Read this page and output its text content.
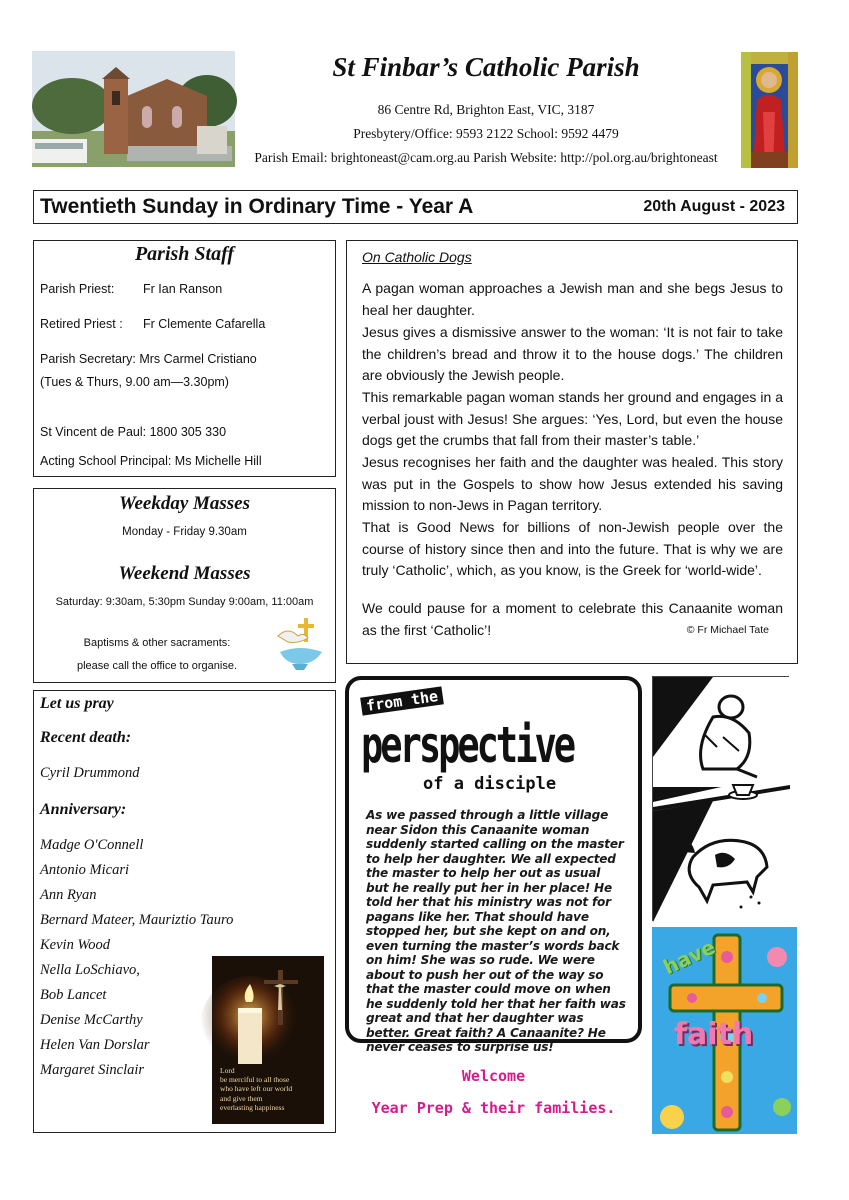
St Finbar’s Catholic Parish
86 Centre Rd, Brighton East, VIC, 3187
Presbytery/Office: 9593 2122 School: 9592 4479
Parish Email: brightoneast@cam.org.au Parish Website: http://pol.org.au/brightoneast
Twentieth Sunday in Ordinary Time - Year A	20th August - 2023
Parish Staff
Parish Priest: Fr Ian Ranson
Retired Priest : Fr Clemente Cafarella
Parish Secretary: Mrs Carmel Cristiano
(Tues & Thurs, 9.00 am—3.30pm)
St Vincent de Paul: 1800 305 330
Acting School Principal: Ms Michelle Hill
Weekday Masses
Monday - Friday 9.30am
Weekend Masses
Saturday: 9:30am, 5:30pm Sunday 9:00am, 11:00am
Baptisms & other sacraments:
please call the office to organise.
Let us pray
Recent death:
Cyril Drummond
Anniversary:
Madge O'Connell
Antonio Micari
Ann Ryan
Bernard Mateer, Mauriztio Tauro
Kevin Wood
Nella LoSchiavo,
Bob Lancet
Denise McCarthy
Helen Van Dorslar
Margaret Sinclair	Lord
be merciful to all those
who have left our world
and give them
everlasting happiness
On Catholic Dogs
A pagan woman approaches a Jewish man and she begs Jesus to heal her daughter.
Jesus gives a dismissive answer to the woman: ‘It is not fair to take the children’s bread and throw it to the house dogs.’ The children are obviously the Jewish people.
This remarkable pagan woman stands her ground and engages in a verbal joust with Jesus! She argues: ‘Yes, Lord, but even the house dogs get the crumbs that fall from their master’s table.’
Jesus recognises her faith and the daughter was healed. This story was put in the Gospels to show how Jesus extended his saving mission to non-Jews in Pagan territory.
That is Good News for billions of non-Jewish people over the course of history since then and into the future. That is why we are truly ‘Catholic’, which, as you know, is the Greek for ‘world-wide’.
We could pause for a moment to celebrate this Canaanite woman as the first ‘Catholic’!	© Fr Michael Tate
from the
perspective
of a disciple
As we passed through a little village near Sidon this Canaanite woman suddenly started calling on the master to help her daughter. We all expected the master to help her out as usual but he really put her in her place! He told her that his ministry was not for pagans like her. That should have stopped her, but she kept on and on, even turning the master’s words back on him! She was so rude. We were about to push her out of the way so that the master could move on when he suddenly told her that her faith was great and that her daughter was better. Great faith? A Canaanite? He never ceases to surprise us!
have
faith
Welcome
Year Prep & their families.
